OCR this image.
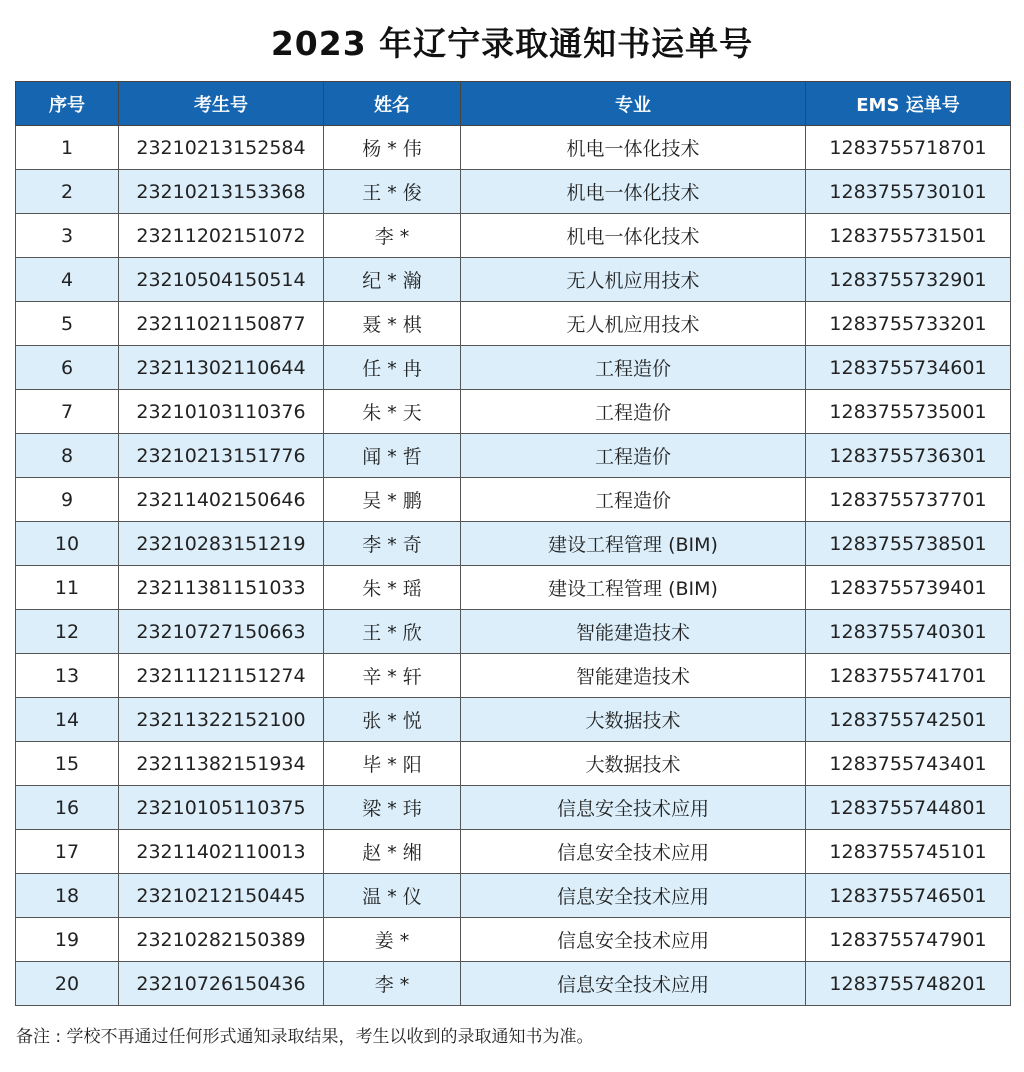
2023 年辽宁录取通知书运单号
序号	考生号	姓名	专业	EMS 运单号
1	23210213152584	杨 * 伟	机电一体化技术	1283755718701
2	23210213153368	王 * 俊	机电一体化技术	1283755730101
3	23211202151072	李 *	机电一体化技术	1283755731501
4	23210504150514	纪 * 瀚	无人机应用技术	1283755732901
5	23211021150877	聂 * 棋	无人机应用技术	1283755733201
6	23211302110644	任 * 冉	工程造价	1283755734601
7	23210103110376	朱 * 天	工程造价	1283755735001
8	23210213151776	闻 * 哲	工程造价	1283755736301
9	23211402150646	吴 * 鹏	工程造价	1283755737701
10	23210283151219	李 * 奇	建设工程管理 (BIM)	1283755738501
11	23211381151033	朱 * 瑶	建设工程管理 (BIM)	1283755739401
12	23210727150663	王 * 欣	智能建造技术	1283755740301
13	23211121151274	辛 * 轩	智能建造技术	1283755741701
14	23211322152100	张 * 悦	大数据技术	1283755742501
15	23211382151934	毕 * 阳	大数据技术	1283755743401
16	23210105110375	梁 * 玮	信息安全技术应用	1283755744801
17	23211402110013	赵 * 缃	信息安全技术应用	1283755745101
18	23210212150445	温 * 仪	信息安全技术应用	1283755746501
19	23210282150389	姜 *	信息安全技术应用	1283755747901
20	23210726150436	李 *	信息安全技术应用	1283755748201
备注 : 学校不再通过任何形式通知录取结果，考生以收到的录取通知书为准。
